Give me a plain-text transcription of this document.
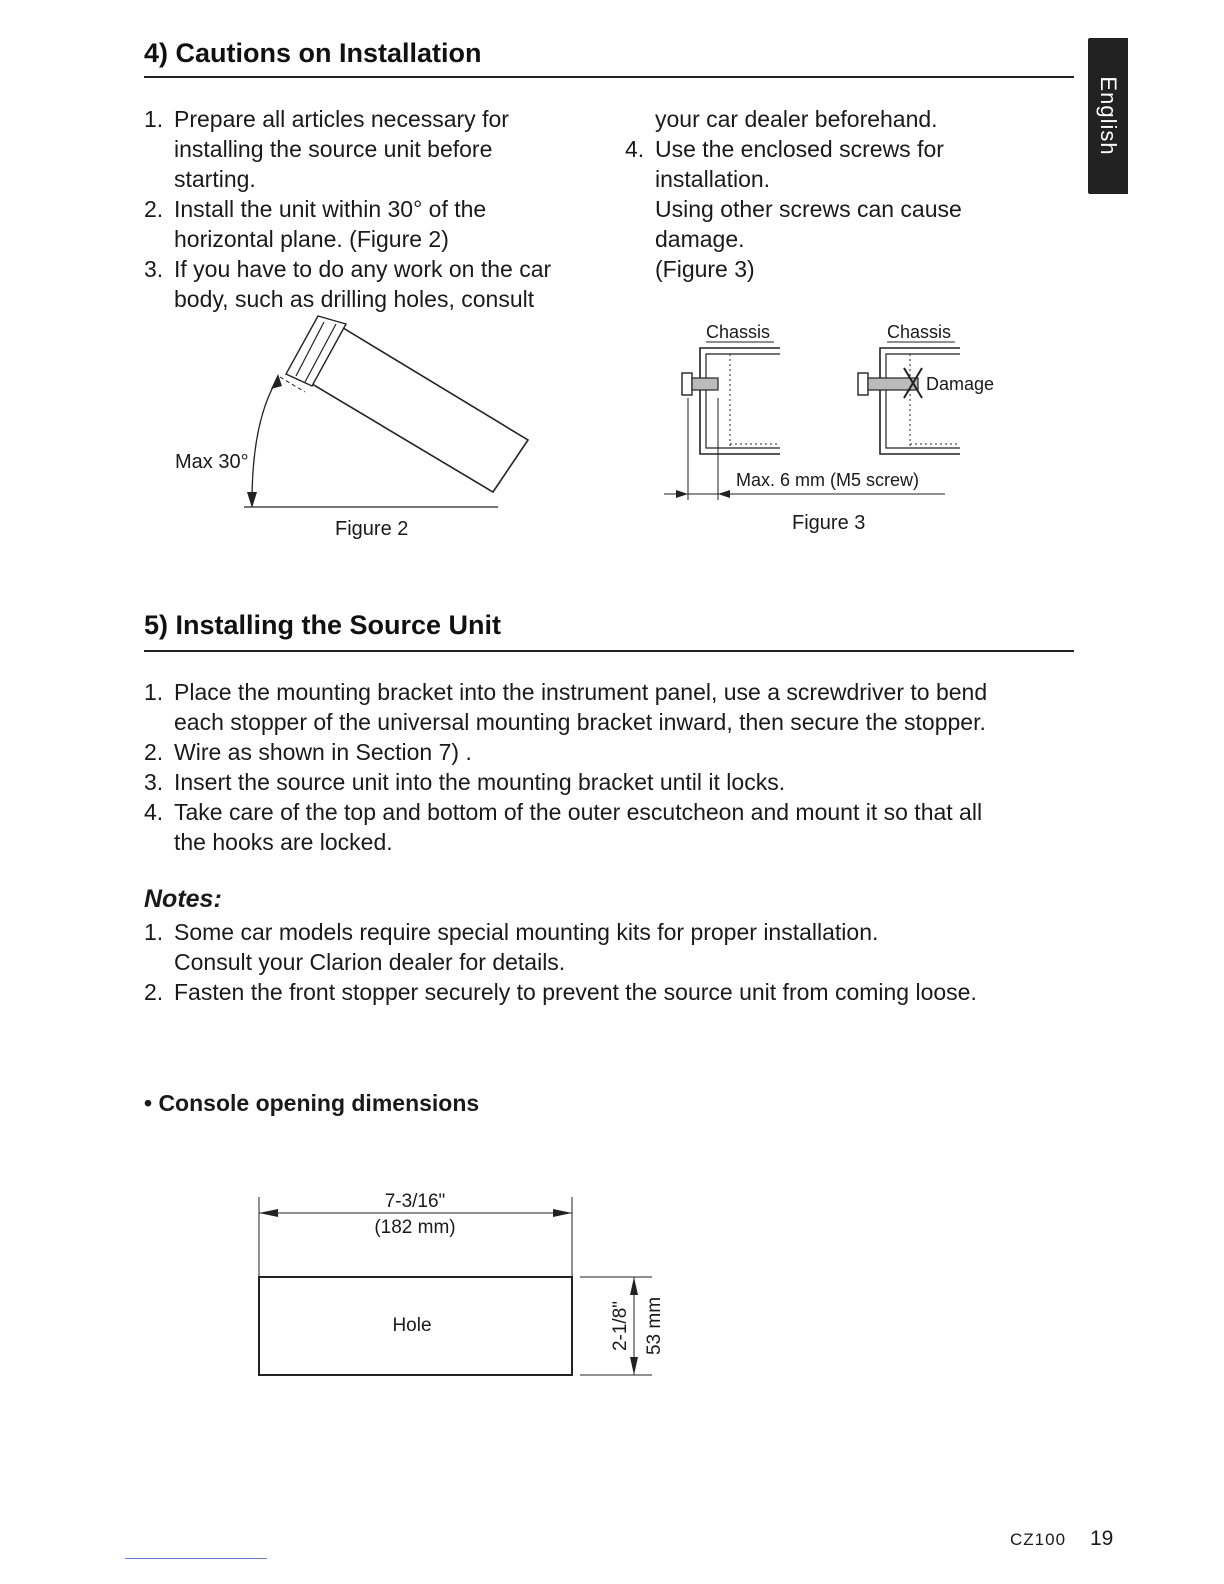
English
4) Cautions on Installation
1. Prepare all articles necessary for
installing the source unit before
starting.
2. Install the unit within 30° of the
horizontal plane. (Figure 2)
3. If you have to do any work on the car
body, such as drilling holes, consult

your car dealer beforehand.

4. Use the enclosed screws for
installation.
Using other screws can cause
damage.
(Figure 3)
Max 30°
Figure 2
Chassis	Chassis
Damage
Max. 6 mm (M5 screw)
Figure 3
5) Installing the Source Unit
1. Place the mounting bracket into the instrument panel, use a screwdriver to bend
each stopper of the universal mounting bracket inward, then secure the stopper.
2. Wire as shown in Section 7) .
3. Insert the source unit into the mounting bracket until it locks.
4. Take care of the top and bottom of the outer escutcheon and mount it so that all
the hooks are locked.
Notes:
1. Some car models require special mounting kits for proper installation.
Consult your Clarion dealer for details.
2. Fasten the front stopper securely to prevent the source unit from coming loose.

• Console opening dimensions

7-3/16"
(182 mm)
Hole	2-1/8" 53 mm
CZ100 19
